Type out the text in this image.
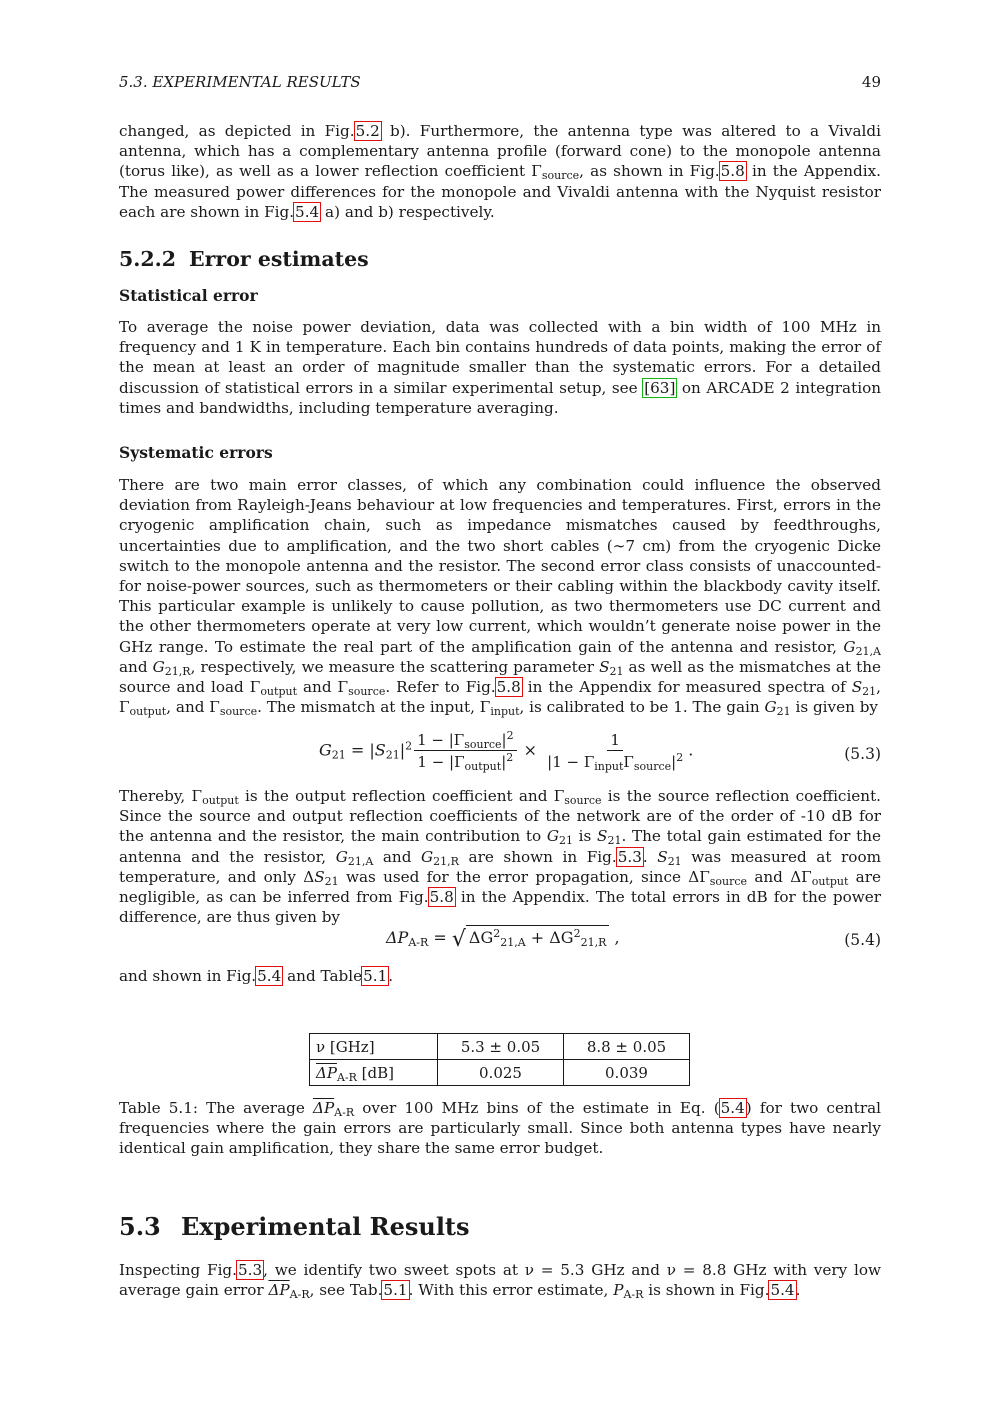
5.3. EXPERIMENTAL RESULTS	49

changed, as depicted in Fig.5.2 b). Furthermore, the antenna type was altered to a Vivaldi antenna, which has a complementary antenna profile (forward cone) to the monopole antenna (torus like), as well as a lower reflection coefficient $\Gamma_{source}$, as shown in Fig.5.8 in the Appendix. The measured power differences for the monopole and Vivaldi antenna with the Nyquist resistor each are shown in Fig.5.4 a) and b) respectively.

5.2.2 Error estimates
Statistical error

To average the noise power deviation, data was collected with a bin width of 100 MHz in frequency and 1 K in temperature. Each bin contains hundreds of data points, making the error of the mean at least an order of magnitude smaller than the systematic errors. For a detailed discussion of statistical errors in a similar experimental setup, see [63] on ARCADE 2 integration times and bandwidths, including temperature averaging.

Systematic errors

There are two main error classes, of which any combination could influence the observed deviation from Rayleigh-Jeans behaviour at low frequencies and temperatures. First, errors in the cryogenic amplification chain, such as impedance mismatches caused by feedthroughs, uncertainties due to amplification, and the two short cables (∼7 cm) from the cryogenic Dicke switch to the monopole antenna and the resistor. The second error class consists of unaccounted-for noise-power sources, such as thermometers or their cabling within the blackbody cavity itself. This particular example is unlikely to cause pollution, as two thermometers use DC current and the other thermometers operate at very low current, which wouldn’t generate noise power in the GHz range. To estimate the real part of the amplification gain of the antenna and resistor, $G_{21,A}$ and $G_{21,R}$, respectively, we measure the scattering parameter $S_{21}$ as well as the mismatches at the source and load $\Gamma_{output}$ and $\Gamma_{source}$. Refer to Fig.5.8 in the Appendix for measured spectra of $S_{21}$, $\Gamma_{output}$, and $\Gamma_{source}$. The mismatch at the input, $\Gamma_{input}$, is calibrated to be 1. The gain $G_{21}$ is given by

$G_{21} = |S_{21}|^2 \frac{1 - |\Gamma_{source}|^2}{1 - |\Gamma_{output}|^2} \times \frac{1}{|1 - \Gamma_{input}\Gamma_{source}|^2}$ .	(5.3)

Thereby, $\Gamma_{output}$ is the output reflection coefficient and $\Gamma_{source}$ is the source reflection coefficient. Since the source and output reflection coefficients of the network are of the order of -10 dB for the antenna and the resistor, the main contribution to $G_{21}$ is $S_{21}$. The total gain estimated for the antenna and the resistor, $G_{21,A}$ and $G_{21,R}$ are shown in Fig.5.3. $S_{21}$ was measured at room temperature, and only $\Delta S_{21}$ was used for the error propagation, since $\Delta\Gamma_{source}$ and $\Delta\Gamma_{output}$ are negligible, as can be inferred from Fig.5.8 in the Appendix. The total errors in dB for the power difference, are thus given by

$\Delta P_{A-R}$ = √ $\Delta G^2_{21,A} + \Delta G^2_{21,R}$ ,	(5.4)

and shown in Fig.5.4 and Table5.1.

ν [GHz]	5.3 ± 0.05	8.8 ± 0.05
$\overline{\Delta P}_{A-R}$ [dB]	0.025	0.039

Table 5.1: The average $\overline{\Delta P}_{A-R}$ over 100 MHz bins of the estimate in Eq. (5.4) for two central frequencies where the gain errors are particularly small. Since both antenna types have nearly identical gain amplification, they share the same error budget.

5.3 Experimental Results

Inspecting Fig.5.3, we identify two sweet spots at ν = 5.3 GHz and ν = 8.8 GHz with very low average gain error $\overline{\Delta P}_{A-R}$, see Tab.5.1. With this error estimate, $P_{A-R}$ is shown in Fig.5.4.
